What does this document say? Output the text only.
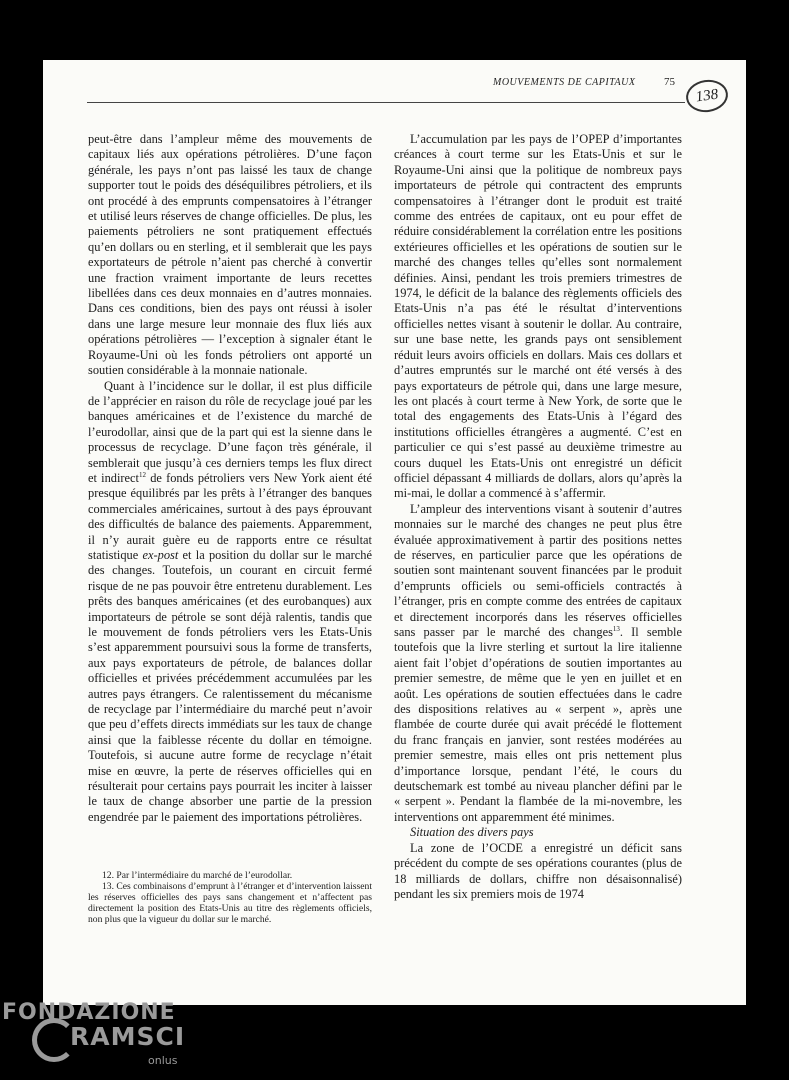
MOUVEMENTS DE CAPITAUX	75
138

peut-être dans l’ampleur même des mouvements de capitaux liés aux opérations pétrolières. D’une façon générale, les pays n’ont pas laissé les taux de change supporter tout le poids des déséquilibres pétroliers, et ils ont procédé à des emprunts compensatoires à l’étranger et utilisé leurs réserves de change officielles. De plus, les paiements pétroliers ne sont pratiquement effectués qu’en dollars ou en sterling, et il semblerait que les pays exportateurs de pétrole n’aient pas cherché à convertir une fraction vraiment importante de leurs recettes libellées dans ces deux monnaies en d’autres monnaies. Dans ces conditions, bien des pays ont réussi à isoler dans une large mesure leur monnaie des flux liés aux opérations pétrolières — l’exception à signaler étant le Royaume-Uni où les fonds pétroliers ont apporté un soutien considérable à la monnaie nationale.

Quant à l’incidence sur le dollar, il est plus difficile de l’apprécier en raison du rôle de recyclage joué par les banques américaines et de l’existence du marché de l’eurodollar, ainsi que de la part qui est la sienne dans le processus de recyclage. D’une façon très générale, il semblerait que jusqu’à ces derniers temps les flux direct et indirect$^{12}$ de fonds pétroliers vers New York aient été presque équilibrés par les prêts à l’étranger des banques commerciales américaines, surtout à des pays éprouvant des difficultés de balance des paiements. Apparemment, il n’y aurait guère eu de rapports entre ce résultat statistique ex-post et la position du dollar sur le marché des changes. Toutefois, un courant en circuit fermé risque de ne pas pouvoir être entretenu durablement. Les prêts des banques américaines (et des eurobanques) aux importateurs de pétrole se sont déjà ralentis, tandis que le mouvement de fonds pétroliers vers les Etats-Unis s’est apparemment poursuivi sous la forme de transferts, aux pays exportateurs de pétrole, de balances dollar officielles et privées précédemment accumulées par les autres pays étrangers. Ce ralentissement du mécanisme de recyclage par l’intermédiaire du marché peut n’avoir que peu d’effets directs immédiats sur les taux de change ainsi que la faiblesse récente du dollar en témoigne. Toutefois, si aucune autre forme de recyclage n’était mise en œuvre, la perte de réserves officielles qui en résulterait pour certains pays pourrait les inciter à laisser le taux de change absorber une partie de la pression engendrée par le paiement des importations pétrolières.

12. Par l’intermédiaire du marché de l’eurodollar.

13. Ces combinaisons d’emprunt à l’étranger et d’intervention laissent les réserves officielles des pays sans changement et n’affectent pas directement la position des Etats-Unis au titre des règlements officiels, non plus que la vigueur du dollar sur le marché.

L’accumulation par les pays de l’OPEP d’importantes créances à court terme sur les Etats-Unis et sur le Royaume-Uni ainsi que la politique de nombreux pays importateurs de pétrole qui contractent des emprunts compensatoires à l’étranger dont le produit est traité comme des entrées de capitaux, ont eu pour effet de réduire considérablement la corrélation entre les positions extérieures officielles et les opérations de soutien sur le marché des changes telles qu’elles sont normalement définies. Ainsi, pendant les trois premiers trimestres de 1974, le déficit de la balance des règlements officiels des Etats-Unis n’a pas été le résultat d’interventions officielles nettes visant à soutenir le dollar. Au contraire, sur une base nette, les grands pays ont sensiblement réduit leurs avoirs officiels en dollars. Mais ces dollars et d’autres empruntés sur le marché ont été versés à des pays exportateurs de pétrole qui, dans une large mesure, les ont placés à court terme à New York, de sorte que le total des engagements des Etats-Unis à l’égard des institutions officielles étrangères a augmenté. C’est en particulier ce qui s’est passé au deuxième trimestre au cours duquel les Etats-Unis ont enregistré un déficit officiel dépassant 4 milliards de dollars, alors qu’après la mi-mai, le dollar a commencé à s’affermir.

L’ampleur des interventions visant à soutenir d’autres monnaies sur le marché des changes ne peut plus être évaluée approximativement à partir des positions nettes de réserves, en particulier parce que les opérations de soutien sont maintenant souvent financées par le produit d’emprunts officiels ou semi-officiels contractés à l’étranger, pris en compte comme des entrées de capitaux et directement incorporés dans les réserves officielles sans passer par le marché des changes$^{13}$. Il semble toutefois que la livre sterling et surtout la lire italienne aient fait l’objet d’opérations de soutien importantes au premier semestre, de même que le yen en juillet et en août. Les opérations de soutien effectuées dans le cadre des dispositions relatives au « serpent », après une flambée de courte durée qui avait précédé le flottement du franc français en janvier, sont restées modérées au premier semestre, mais elles ont pris nettement plus d’importance lorsque, pendant l’été, le cours du deutschemark est tombé au niveau plancher défini par le « serpent ». Pendant la flambée de la mi-novembre, les interventions ont apparemment été minimes.

Situation des divers pays

La zone de l’OCDE a enregistré un déficit sans précédent du compte de ses opérations courantes (plus de 18 milliards de dollars, chiffre non désaisonnalisé) pendant les six premiers mois de 1974

FONDAZIONE
RAMSCI
onlus
